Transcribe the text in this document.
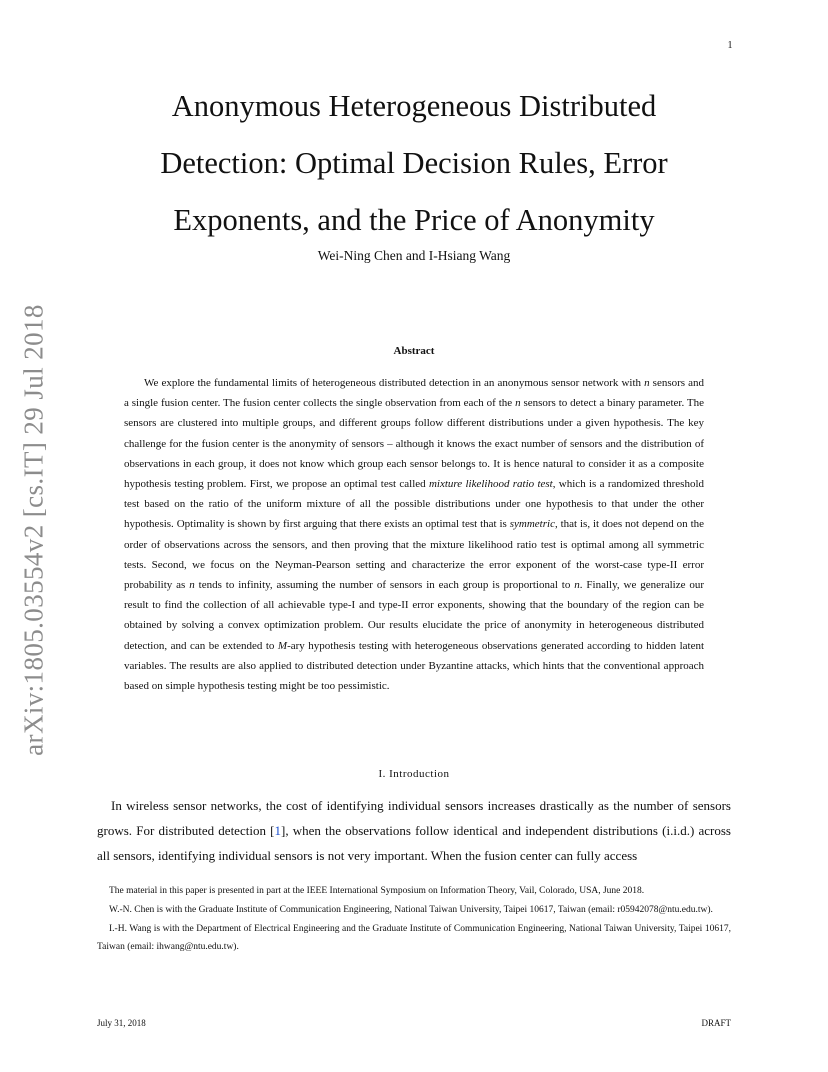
1
arXiv:1805.03554v2 [cs.IT] 29 Jul 2018
Anonymous Heterogeneous Distributed Detection: Optimal Decision Rules, Error Exponents, and the Price of Anonymity
Wei-Ning Chen and I-Hsiang Wang
Abstract

We explore the fundamental limits of heterogeneous distributed detection in an anonymous sensor network with n sensors and a single fusion center. The fusion center collects the single observation from each of the n sensors to detect a binary parameter. The sensors are clustered into multiple groups, and different groups follow different distributions under a given hypothesis. The key challenge for the fusion center is the anonymity of sensors – although it knows the exact number of sensors and the distribution of observations in each group, it does not know which group each sensor belongs to. It is hence natural to consider it as a composite hypothesis testing problem. First, we propose an optimal test called mixture likelihood ratio test, which is a randomized threshold test based on the ratio of the uniform mixture of all the possible distributions under one hypothesis to that under the other hypothesis. Optimality is shown by first arguing that there exists an optimal test that is symmetric, that is, it does not depend on the order of observations across the sensors, and then proving that the mixture likelihood ratio test is optimal among all symmetric tests. Second, we focus on the Neyman-Pearson setting and characterize the error exponent of the worst-case type-II error probability as n tends to infinity, assuming the number of sensors in each group is proportional to n. Finally, we generalize our result to find the collection of all achievable type-I and type-II error exponents, showing that the boundary of the region can be obtained by solving a convex optimization problem. Our results elucidate the price of anonymity in heterogeneous distributed detection, and can be extended to M-ary hypothesis testing with heterogeneous observations generated according to hidden latent variables. The results are also applied to distributed detection under Byzantine attacks, which hints that the conventional approach based on simple hypothesis testing might be too pessimistic.

I. Introduction

In wireless sensor networks, the cost of identifying individual sensors increases drastically as the number of sensors grows. For distributed detection [1], when the observations follow identical and independent distributions (i.i.d.) across all sensors, identifying individual sensors is not very important. When the fusion center can fully access

The material in this paper is presented in part at the IEEE International Symposium on Information Theory, Vail, Colorado, USA, June 2018.

W.-N. Chen is with the Graduate Institute of Communication Engineering, National Taiwan University, Taipei 10617, Taiwan (email: r05942078@ntu.edu.tw).

I.-H. Wang is with the Department of Electrical Engineering and the Graduate Institute of Communication Engineering, National Taiwan University, Taipei 10617, Taiwan (email: ihwang@ntu.edu.tw).

July 31, 2018	DRAFT
